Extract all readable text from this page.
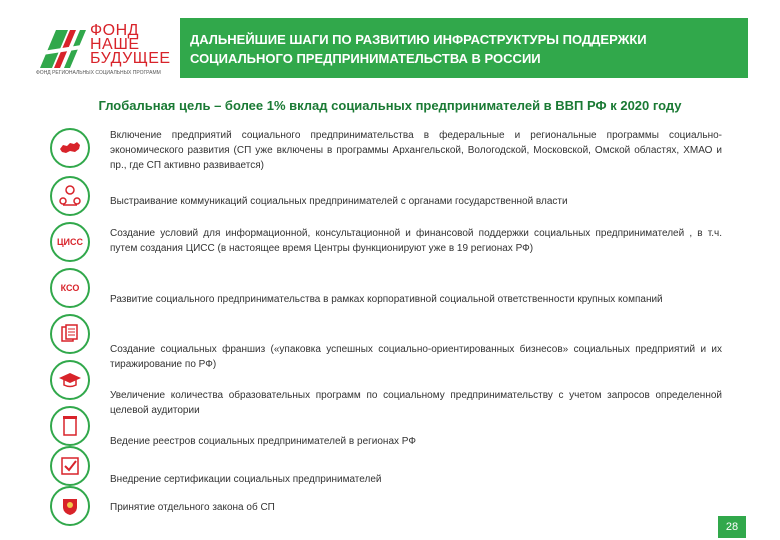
ФОНД
НАШЕ
БУДУЩЕЕ
ФОНД РЕГИОНАЛЬНЫХ СОЦИАЛЬНЫХ ПРОГРАММ
ДАЛЬНЕЙШИЕ ШАГИ ПО РАЗВИТИЮ ИНФРАСТРУКТУРЫ ПОДДЕРЖКИ
СОЦИАЛЬНОГО ПРЕДПРИНИМАТЕЛЬСТВА В РОССИИ
Глобальная цель – более 1% вклад социальных предпринимателей в ВВП РФ к 2020 году
ЦИСС
КСО
Включение предприятий социального предпринимательства в федеральные и региональные программы социально- экономического развития (СП уже включены в программы Архангельской, Вологодской, Московской, Омской областях, ХМАО и пр., где СП активно развивается)
Выстраивание коммуникаций социальных предпринимателей с органами государственной власти
Создание условий для информационной, консультационной и финансовой поддержки социальных предпринимателей , в т.ч. путем создания ЦИСС (в настоящее время Центры функционируют уже в 19 регионах РФ)
Развитие социального предпринимательства в рамках корпоративной социальной ответственности крупных компаний
Создание социальных франшиз («упаковка успешных социально-ориентированных бизнесов» социальных предприятий и их тиражирование по РФ)
Увеличение количества образовательных программ по социальному предпринимательству с учетом запросов определенной целевой аудитории
Ведение реестров социальных предпринимателей в регионах РФ
Внедрение сертификации социальных предпринимателей
Принятие отдельного закона об СП
28
